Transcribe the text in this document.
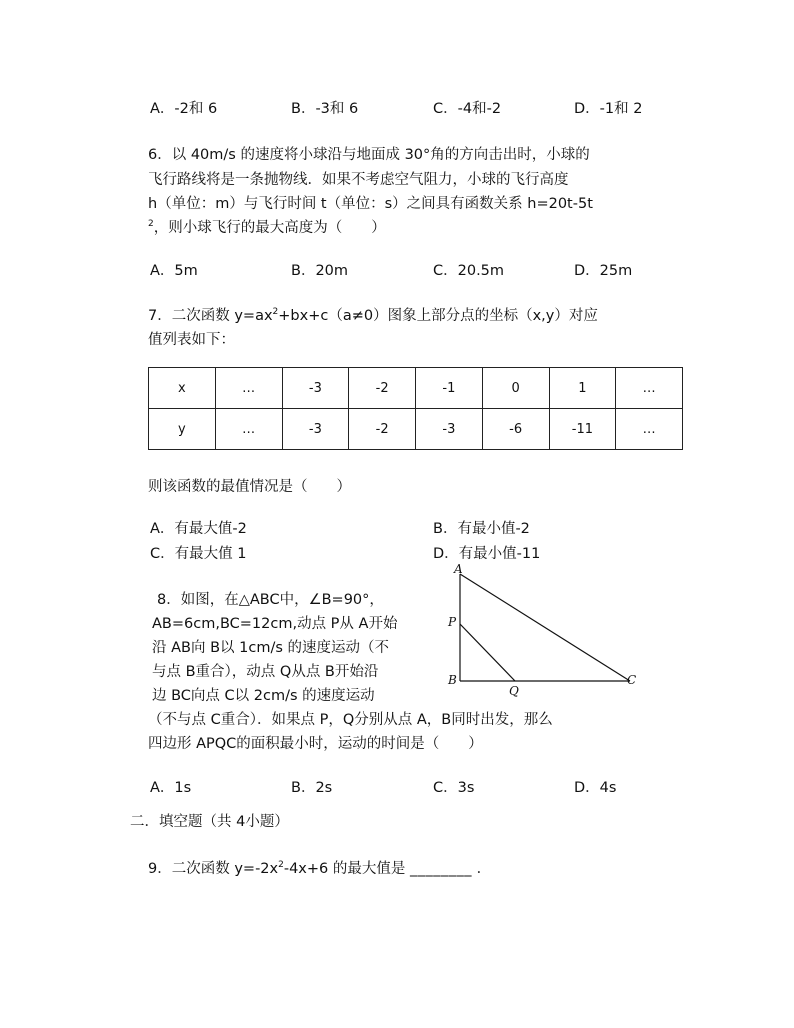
A．-2和 6	B．-3和 6	C．-4和-2	D．-1和 2
6．以 40m/s 的速度将小球沿与地面成 30°角的方向击出时，小球的
飞行路线将是一条抛物线．如果不考虑空气阻力，小球的飞行高度
h（单位：m）与飞行时间 t（单位：s）之间具有函数关系 h=20t-5t
$^2$，则小球飞行的最大高度为（　　）
A．5m	B．20m	C．20.5m	D．25m
7．二次函数 $y=ax^2+bx+c(a\ne 0)$图象上部分点的坐标（x,y）对应
值列表如下：
x	…	-3	-2	-1	0	1	…
y	…	-3	-2	-3	-6	-11	…
则该函数的最值情况是（　　）
A．有最大值-2	B．有最小值-2
C．有最大值 1	D．有最小值-11
8．如图，在△ABC中，∠B=90°，
AB=6cm,BC=12cm,动点 P从 A开始
沿 AB向 B以 1cm/s 的速度运动（不
与点 B重合），动点 Q从点 B开始沿
边 BC向点 C以 2cm/s 的速度运动
（不与点 C重合）．如果点 P，Q分别从点 A，B同时出发，那么
四边形 APQC的面积最小时，运动的时间是（　　）
A
P
B
Q
C
A．1s	B．2s	C．3s	D．4s
二．填空题（共 4小题）
9．二次函数 $y=-2x^2-4x+6$ 的最大值是 ________ ．
